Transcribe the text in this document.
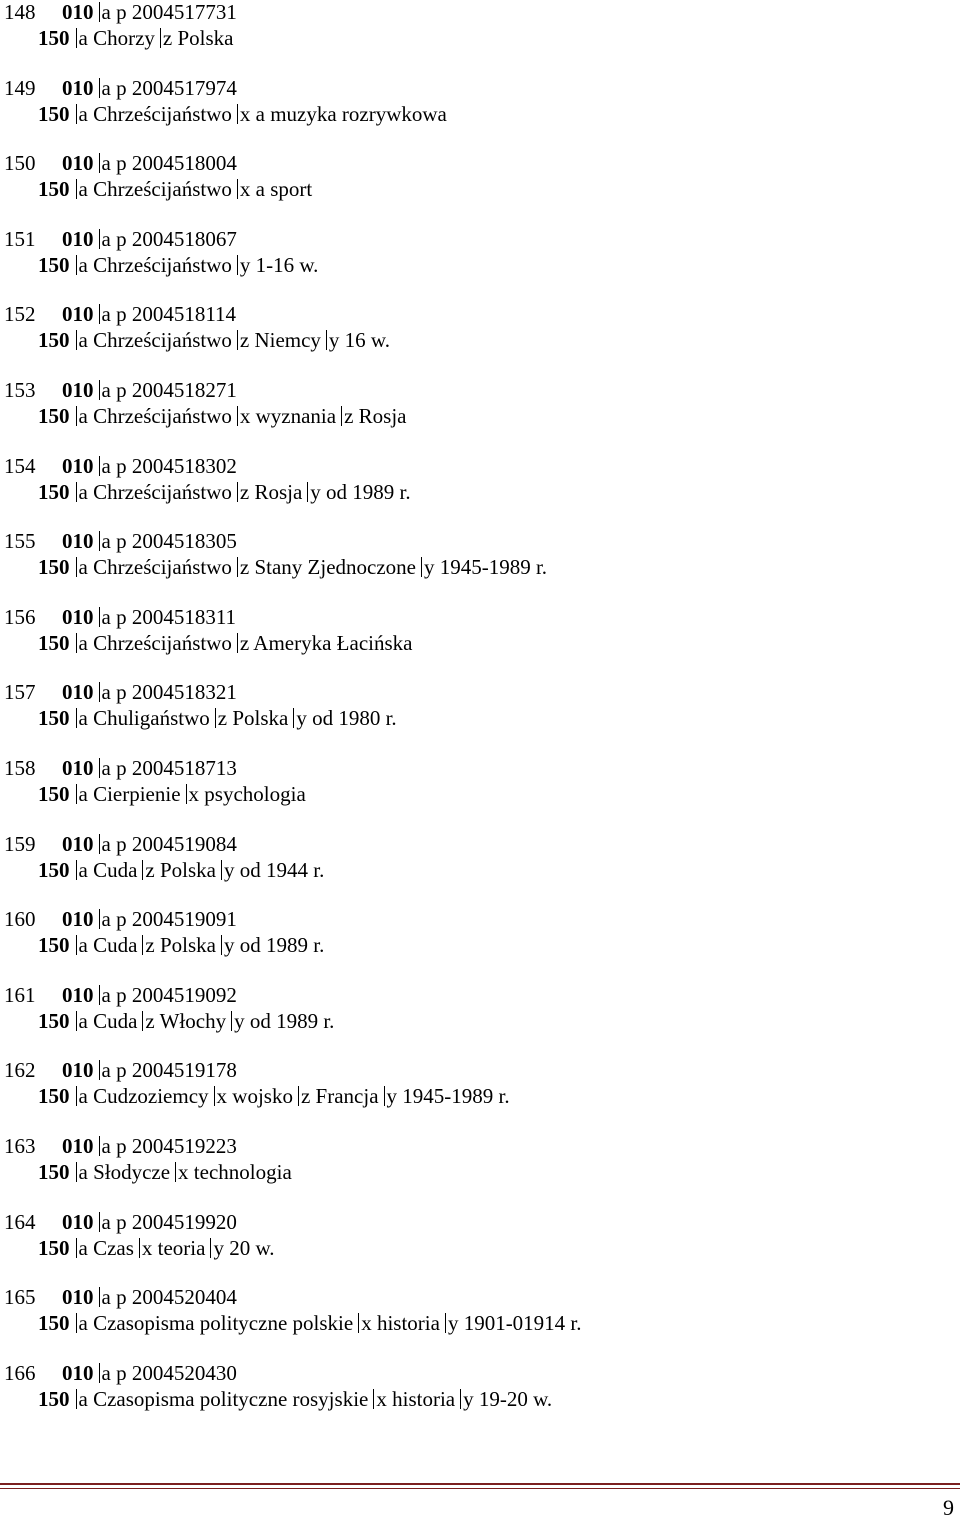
148 010 a p 2004517731
150 a Chorzy z Polska
149 010 a p 2004517974
150 a Chrześcijaństwo x a muzyka rozrywkowa
150 010 a p 2004518004
150 a Chrześcijaństwo x a sport
151 010 a p 2004518067
150 a Chrześcijaństwo y 1-16 w.
152 010 a p 2004518114
150 a Chrześcijaństwo z Niemcy y 16 w.
153 010 a p 2004518271
150 a Chrześcijaństwo x wyznania z Rosja
154 010 a p 2004518302
150 a Chrześcijaństwo z Rosja y od 1989 r.
155 010 a p 2004518305
150 a Chrześcijaństwo z Stany Zjednoczone y 1945-1989 r.
156 010 a p 2004518311
150 a Chrześcijaństwo z Ameryka Łacińska
157 010 a p 2004518321
150 a Chuligaństwo z Polska y od 1980 r.
158 010 a p 2004518713
150 a Cierpienie x psychologia
159 010 a p 2004519084
150 a Cuda z Polska y od 1944 r.
160 010 a p 2004519091
150 a Cuda z Polska y od 1989 r.
161 010 a p 2004519092
150 a Cuda z Włochy y od 1989 r.
162 010 a p 2004519178
150 a Cudzoziemcy x wojsko z Francja y 1945-1989 r.
163 010 a p 2004519223
150 a Słodycze x technologia
164 010 a p 2004519920
150 a Czas x teoria y 20 w.
165 010 a p 2004520404
150 a Czasopisma polityczne polskie x historia y 1901-01914 r.
166 010 a p 2004520430
150 a Czasopisma polityczne rosyjskie x historia y 19-20 w.
9
